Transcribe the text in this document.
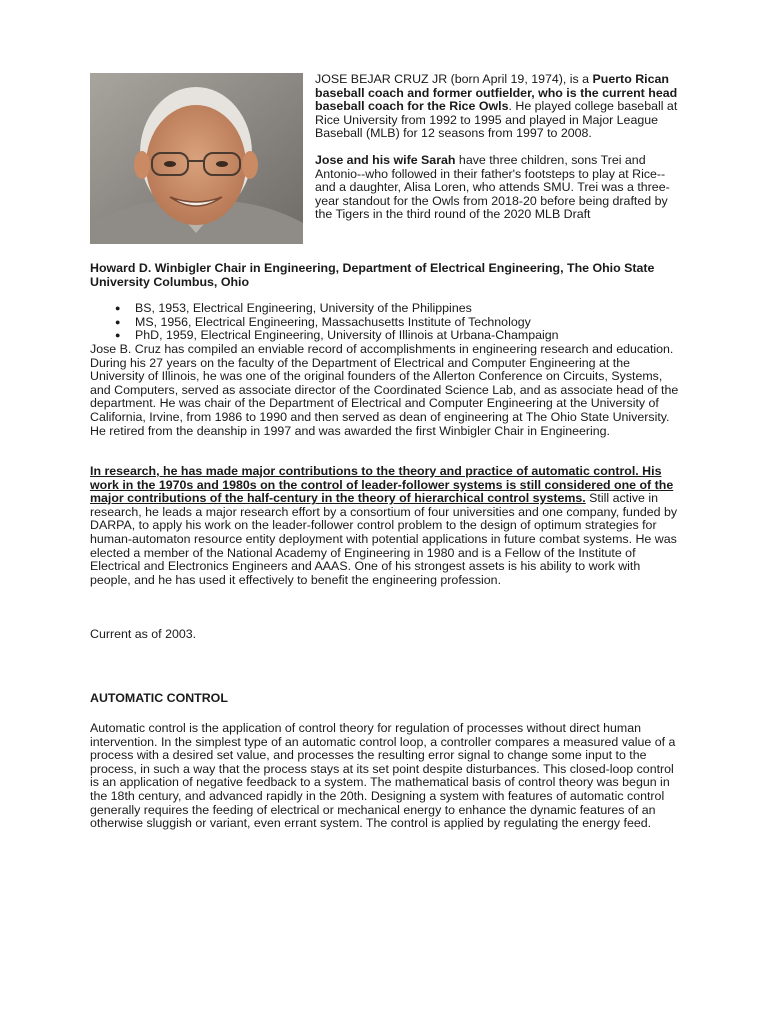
JOSE BEJAR CRUZ JR (born April 19, 1974), is a Puerto Rican baseball coach and former outfielder, who is the current head baseball coach for the Rice Owls. He played college baseball at Rice University from 1992 to 1995 and played in Major League Baseball (MLB) for 12 seasons from 1997 to 2008.

Jose and his wife Sarah have three children, sons Trei and Antonio--who followed in their father's footsteps to play at Rice--and a daughter, Alisa Loren, who attends SMU. Trei was a three-year standout for the Owls from 2018-20 before being drafted by the Tigers in the third round of the 2020 MLB Draft

Howard D. Winbigler Chair in Engineering, Department of Electrical Engineering, The Ohio State University Columbus, Ohio
● BS, 1953, Electrical Engineering, University of the Philippines
● MS, 1956, Electrical Engineering, Massachusetts Institute of Technology
● PhD, 1959, Electrical Engineering, University of Illinois at Urbana-Champaign

Jose B. Cruz has compiled an enviable record of accomplishments in engineering research and education. During his 27 years on the faculty of the Department of Electrical and Computer Engineering at the University of Illinois, he was one of the original founders of the Allerton Conference on Circuits, Systems, and Computers, served as associate director of the Coordinated Science Lab, and as associate head of the department. He was chair of the Department of Electrical and Computer Engineering at the University of California, Irvine, from 1986 to 1990 and then served as dean of engineering at The Ohio State University. He retired from the deanship in 1997 and was awarded the first Winbigler Chair in Engineering.

In research, he has made major contributions to the theory and practice of automatic control. His work in the 1970s and 1980s on the control of leader-follower systems is still considered one of the major contributions of the half-century in the theory of hierarchical control systems. Still active in research, he leads a major research effort by a consortium of four universities and one company, funded by DARPA, to apply his work on the leader-follower control problem to the design of optimum strategies for human-automaton resource entity deployment with potential applications in future combat systems. He was elected a member of the National Academy of Engineering in 1980 and is a Fellow of the Institute of Electrical and Electronics Engineers and AAAS. One of his strongest assets is his ability to work with people, and he has used it effectively to benefit the engineering profession.

Current as of 2003.

AUTOMATIC CONTROL

Automatic control is the application of control theory for regulation of processes without direct human intervention. In the simplest type of an automatic control loop, a controller compares a measured value of a process with a desired set value, and processes the resulting error signal to change some input to the process, in such a way that the process stays at its set point despite disturbances. This closed-loop control is an application of negative feedback to a system. The mathematical basis of control theory was begun in the 18th century, and advanced rapidly in the 20th. Designing a system with features of automatic control generally requires the feeding of electrical or mechanical energy to enhance the dynamic features of an otherwise sluggish or variant, even errant system. The control is applied by regulating the energy feed.
